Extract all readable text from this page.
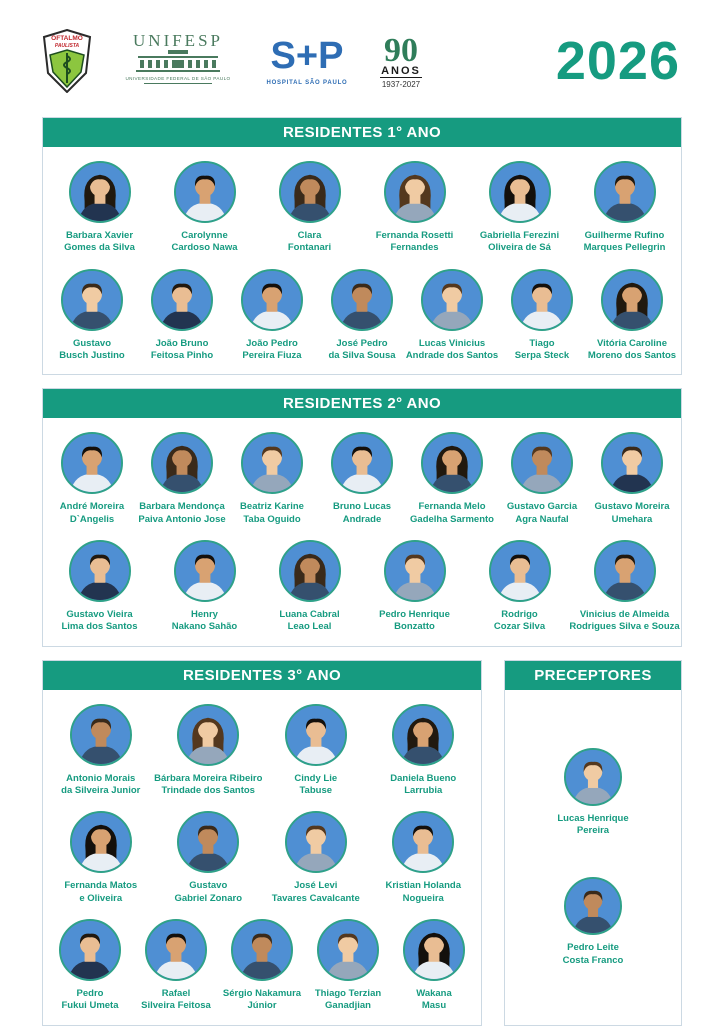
OFTALMO
PAULISTA	UNIFESP
UNIVERSIDADE FEDERAL DE SÃO PAULO
S+P
HOSPITAL SÃO PAULO
90
ANOS
1937-2027	2026
RESIDENTES 1° ANO
Barbara Xavier
Gomes da Silva
Carolynne
Cardoso Nawa
Clara
Fontanari
Fernanda Rosetti
Fernandes
Gabriella Ferezini
Oliveira de Sá
Guilherme Rufino
Marques Pellegrin
Gustavo
Busch Justino
João Bruno
Feitosa Pinho
João Pedro
Pereira Fiuza
José Pedro
da Silva Sousa
Lucas Vinicius
Andrade dos Santos
Tiago
Serpa Steck
Vitória Caroline
Moreno dos Santos
RESIDENTES 2° ANO
André Moreira
D`Angelis
Barbara Mendonça
Paiva Antonio Jose
Beatriz Karine
Taba Oguido
Bruno Lucas
Andrade
Fernanda Melo
Gadelha Sarmento
Gustavo Garcia
Agra Naufal
Gustavo Moreira
Umehara
Gustavo Vieira
Lima dos Santos
Henry
Nakano Sahão
Luana Cabral
Leao Leal
Pedro Henrique
Bonzatto
Rodrigo
Cozar Silva
Vinicius de Almeida
Rodrigues Silva e Souza
RESIDENTES 3° ANO
Antonio Morais
da Silveira Junior
Bárbara Moreira Ribeiro
Trindade dos Santos
Cindy Lie
Tabuse
Daniela Bueno
Larrubia
Fernanda Matos
e Oliveira
Gustavo
Gabriel Zonaro
José Levi
Tavares Cavalcante
Kristian Holanda
Nogueira
Pedro
Fukui Umeta
Rafael
Silveira Feitosa
Sérgio Nakamura
Júnior
Thiago Terzian
Ganadjian
Wakana
Masu
PRECEPTORES
Lucas Henrique
Pereira
Pedro Leite
Costa Franco
